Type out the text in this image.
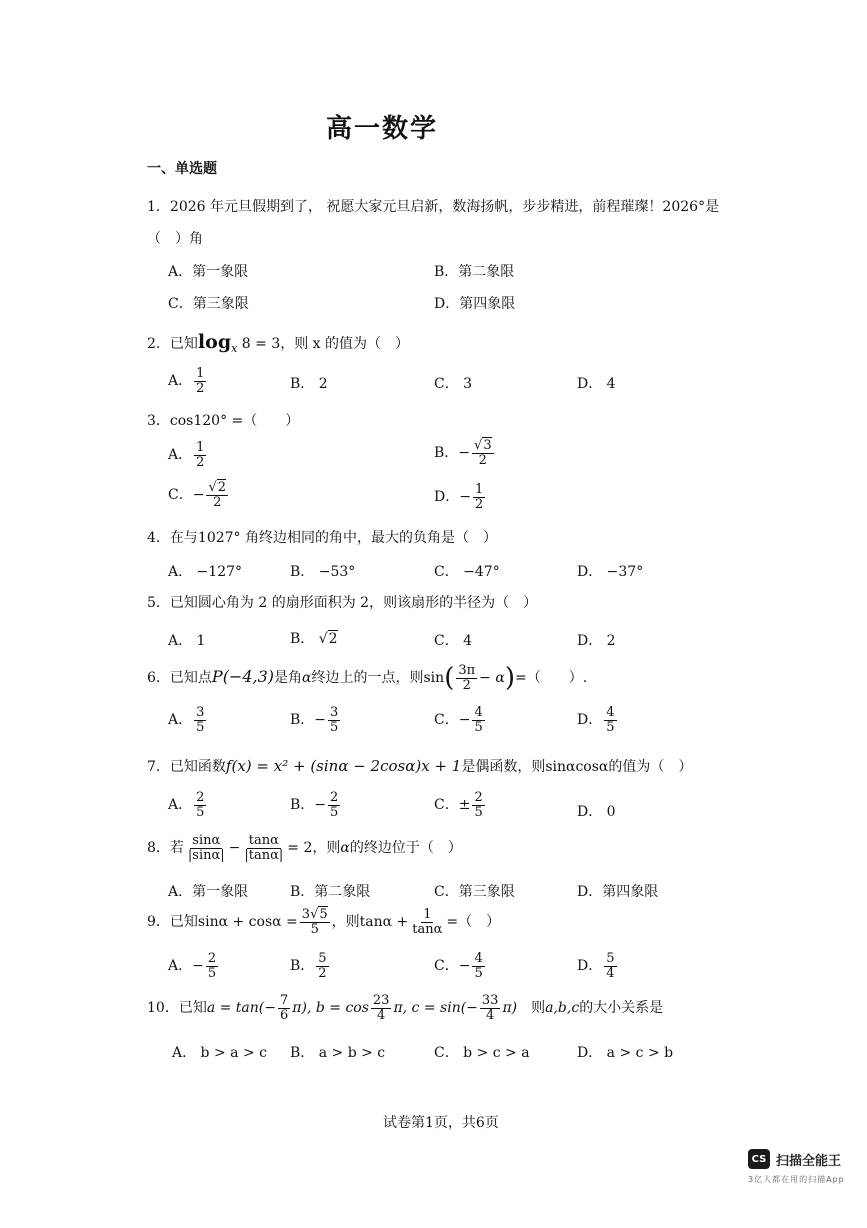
高一数学
一、单选题
1．2026 年元旦假期到了， 祝愿大家元旦启新，数海扬帆，步步精进，前程璀璨！2026°是
（　）角
A．第一象限	B．第二象限
C．第三象限	D．第四象限
2．已知$\log_x 8 = 3$，则 x 的值为（　）
A． $\frac{1}{2}$	B． 2	C． 3	D． 4
3．cos120° =（　　）
A． $\frac{1}{2}$	B．− $\frac{√3}{2}$
C．− $\frac{√2}{2}$	D．− $\frac{1}{2}$
4．在与1027° 角终边相同的角中，最大的负角是（　）
A． −127°	B． −53°	C． −47°	D． −37°
5．已知圆心角为 2 的扇形面积为 2，则该扇形的半径为（　）
A． 1	B． √2	C． 4	D． 2
6．已知点P(−4,3)是角α终边上的一点，则$\sin( \frac{3\pi}{2} - \alpha)=$（　　）.
A． $\frac{3}{5}$	B．− $\frac{3}{5}$	C．− $\frac{4}{5}$	D． $\frac{4}{5}$
7．已知函数f(x) = x² + (sinα − 2cosα)x + 1是偶函数，则sinαcosα的值为（　）
A． $\frac{2}{5}$	B．− $\frac{2}{5}$	C．± $\frac{2}{5}$	D． 0
8．若 $\frac{\sin\alpha}{|\sin\alpha|} - \frac{\tan\alpha}{|\tan\alpha|} = 2$，则α的终边位于（　）
A．第一象限	B．第二象限	C．第三象限	D．第四象限
9．已知$\sin\alpha + \cos\alpha = \frac{3√5}{5}$ ，则$\tan\alpha + \frac{1}{\tan\alpha}$ =（　）
A．− $\frac{2}{5}$	B． $\frac{5}{2}$	C．− $\frac{4}{5}$	D． $\frac{5}{4}$
10．已知$a = \tan(- \frac{7}{6} \pi)$, $b = \cos \frac{23}{4} \pi$, $c = \sin(- \frac{33}{4} \pi)$　则a,b,c的大小关系是
A． b > a > c B． a > b > c	C． b > c > a	D． a > c > b
试卷第1页，共6页
CS 扫描全能王
3亿人都在用的扫描App
